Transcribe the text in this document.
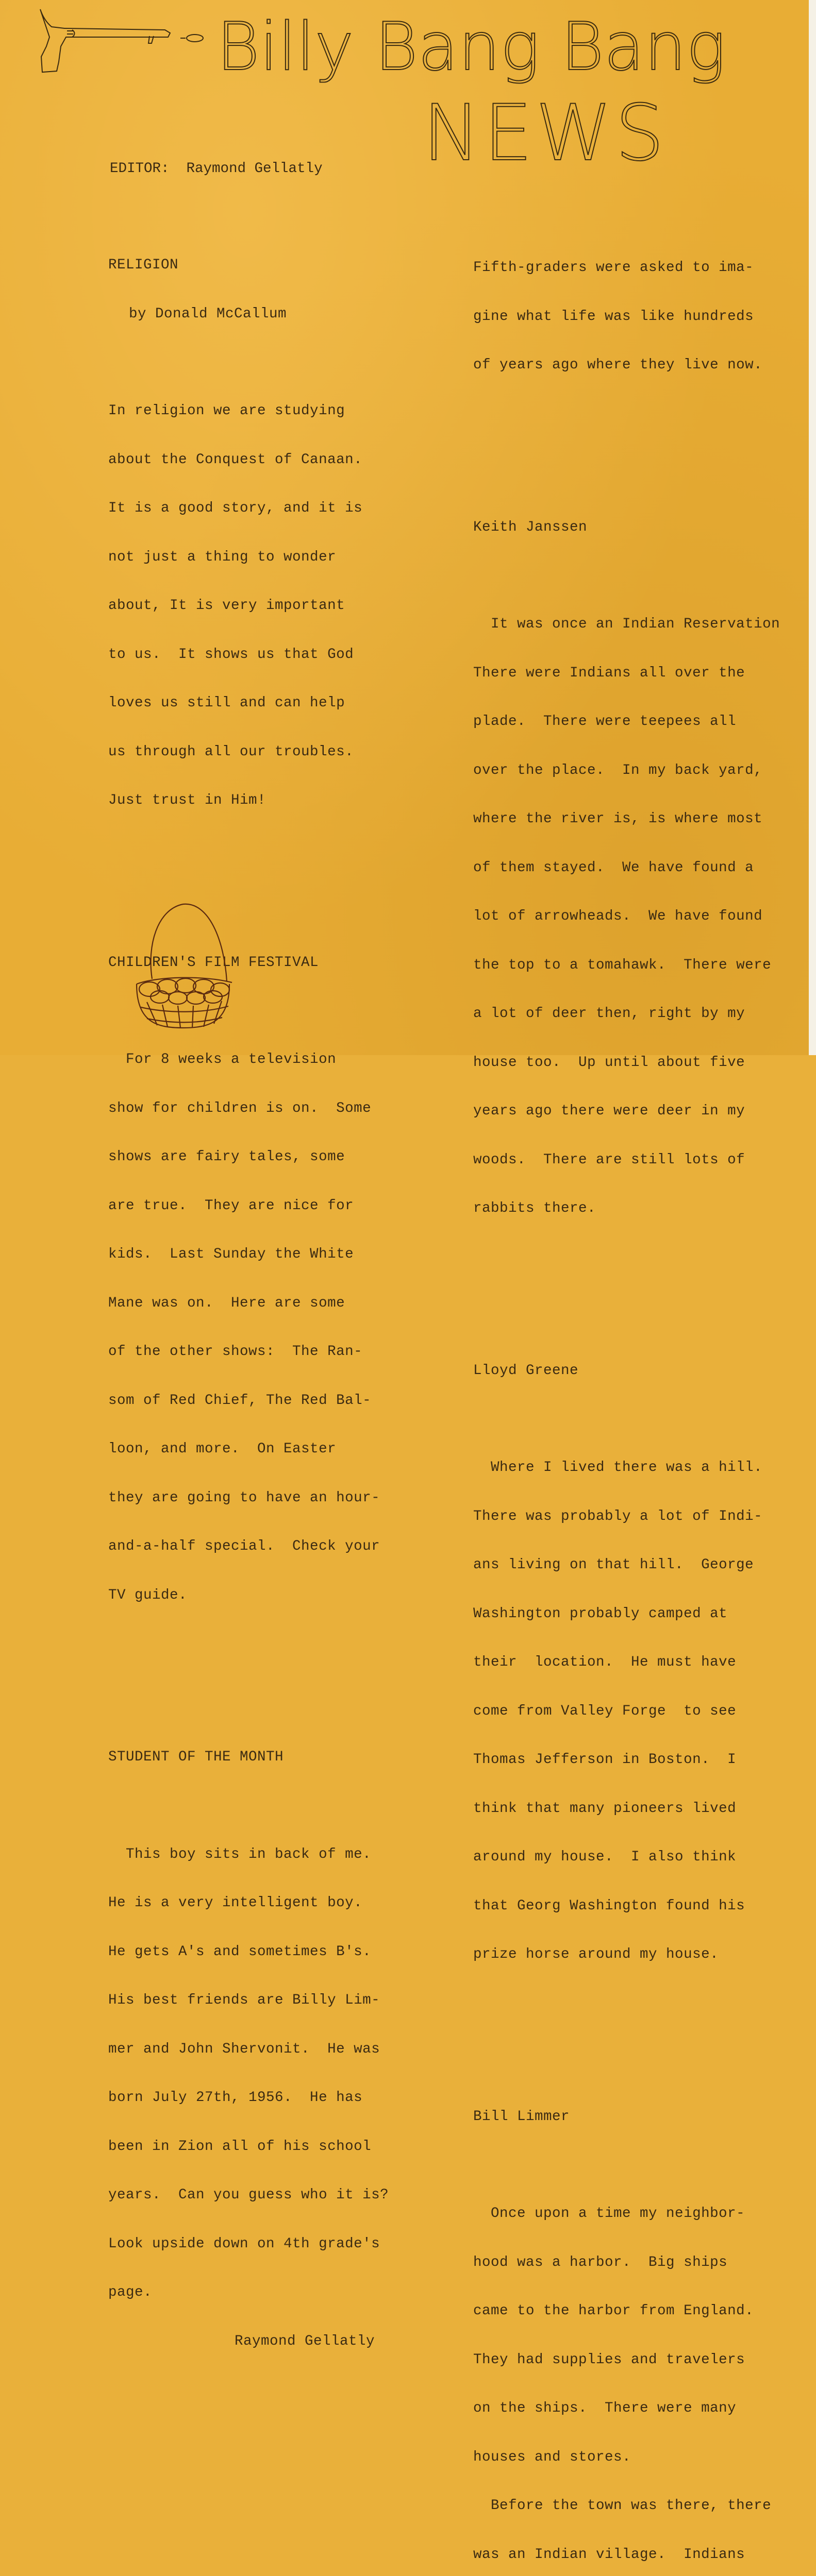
Billy Bang Bang
NEWS
EDITOR:  Raymond Gellatly

RELIGION

by Donald McCallum

In religion we are studying

about the Conquest of Canaan.

It is a good story, and it is

not just a thing to wonder

about, It is very important

to us.  It shows us that God

loves us still and can help

us through all our troubles.

Just trust in Him!

CHILDREN'S FILM FESTIVAL

For 8 weeks a television

show for children is on.  Some

shows are fairy tales, some

are true.  They are nice for

kids.  Last Sunday the White

Mane was on.  Here are some

of the other shows:  The Ran-

som of Red Chief, The Red Bal-

loon, and more.  On Easter

they are going to have an hour-

and-a-half special.  Check your

TV guide.

STUDENT OF THE MONTH

This boy sits in back of me.

He is a very intelligent boy.

He gets A's and sometimes B's.

His best friends are Billy Lim-

mer and John Shervonit.  He was

born July 27th, 1956.  He has

been in Zion all of his school

years.  Can you guess who it is?

Look upside down on 4th grade's

page.

Raymond Gellatly

Fifth-graders were asked to ima-

gine what life was like hundreds

of years ago where they live now.

Keith Janssen

It was once an Indian Reservation

There were Indians all over the

plade.  There were teepees all

over the place.  In my back yard,

where the river is, is where most

of them stayed.  We have found a

lot of arrowheads.  We have found

the top to a tomahawk.  There were

a lot of deer then, right by my

house too.  Up until about five

years ago there were deer in my

woods.  There are still lots of

rabbits there.

Lloyd Greene

Where I lived there was a hill.

There was probably a lot of Indi-

ans living on that hill.  George

Washington probably camped at

their  location.  He must have

come from Valley Forge  to see

Thomas Jefferson in Boston.  I

think that many pioneers lived

around my house.  I also think

that Georg Washington found his

prize horse around my house.

Bill Limmer

Once upon a time my neighbor-

hood was a harbor.  Big ships

came to the harbor from England.

They had supplies and travelers

on the ships.  There were many

houses and stores.

Before the town was there, there

was an Indian village.  Indians
